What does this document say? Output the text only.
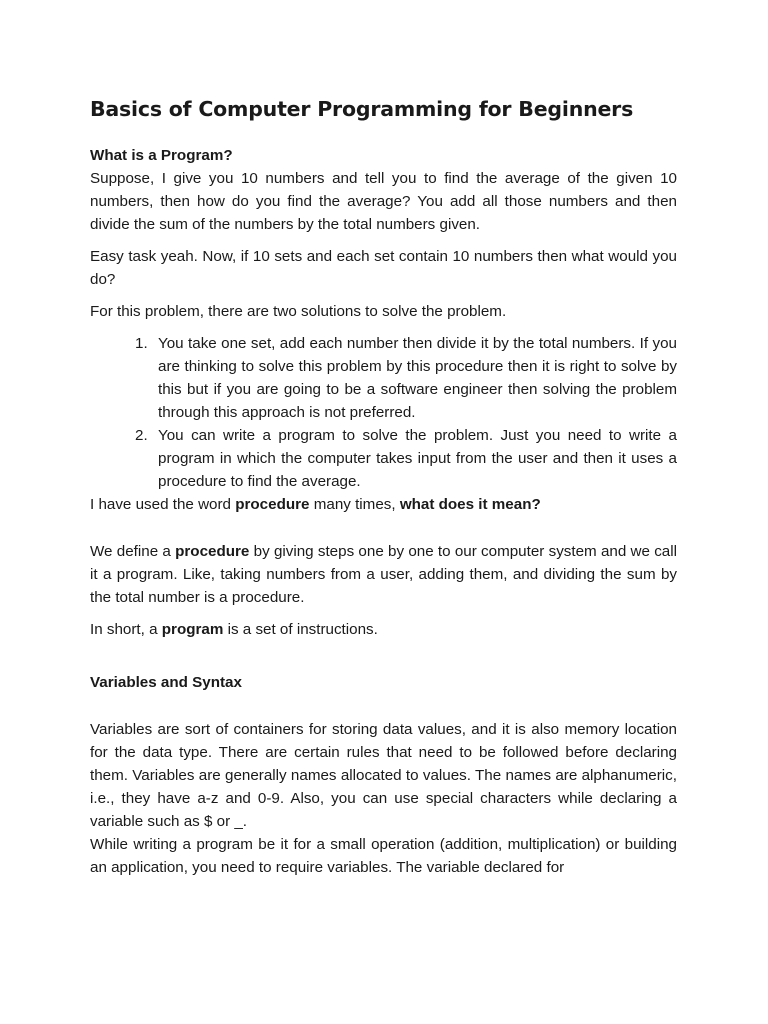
Basics of Computer Programming for Beginners
What is a Program?

Suppose, I give you 10 numbers and tell you to find the average of the given 10 numbers, then how do you find the average? You add all those numbers and then divide the sum of the numbers by the total numbers given.

Easy task yeah. Now, if 10 sets and each set contain 10 numbers then what would you do?

For this problem, there are two solutions to solve the problem.

1. You take one set, add each number then divide it by the total numbers. If you are thinking to solve this problem by this procedure then it is right to solve by this but if you are going to be a software engineer then solving the problem through this approach is not preferred.
2. You can write a program to solve the problem. Just you need to write a program in which the computer takes input from the user and then it uses a procedure to find the average.

I have used the word procedure many times, what does it mean?

We define a procedure by giving steps one by one to our computer system and we call it a program. Like, taking numbers from a user, adding them, and dividing the sum by the total number is a procedure.

In short, a program is a set of instructions.

Variables and Syntax

Variables are sort of containers for storing data values, and it is also memory location for the data type. There are certain rules that need to be followed before declaring them. Variables are generally names allocated to values. The names are alphanumeric, i.e., they have a-z and 0-9. Also, you can use special characters while declaring a variable such as $ or _.

While writing a program be it for a small operation (addition, multiplication) or building an application, you need to require variables. The variable declared for
